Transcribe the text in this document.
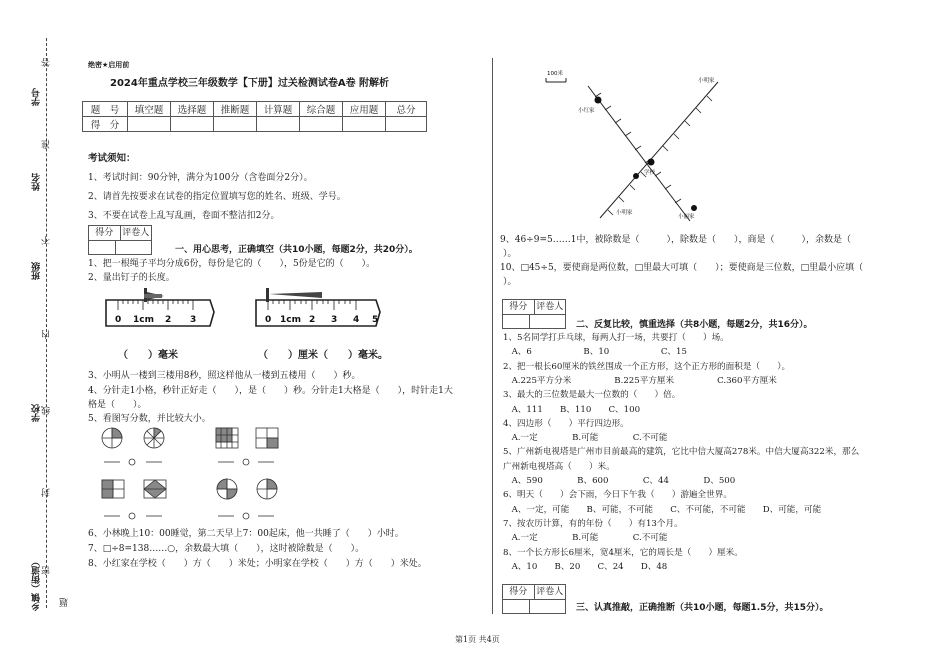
学号
姓名
班级
学校
乡镇（街道）
答
准
不
内
线
封
密
题
绝密★启用前
2024年重点学校三年级数学【下册】过关检测试卷A卷 附解析
题　号	填空题	选择题	推断题	计算题	综合题	应用题	总分
得　分							
考试须知：
1、考试时间：90分钟，满分为100分（含卷面分2分）。
2、请首先按要求在试卷的指定位置填写您的姓名、班级、学号。
3、不要在试卷上乱写乱画，卷面不整洁扣2分。
得分 评卷人
一、用心思考，正确填空（共10小题，每题2分，共20分）。
1、把一根绳子平均分成6份，每份是它的（　　），5份是它的（　　）。
2、量出钉子的长度。
0 1cm 2 3	0 1cm 2 3 4 5
（　　）毫米	（　　）厘米（　　）毫米。
3、小明从一楼到三楼用8秒，照这样他从一楼到五楼用（　　）秒。
4、分针走1小格，秒针正好走（　　），是（　　）秒。分针走1大格是（　　），时针走1大
格是（　　）。
5、看图写分数，并比较大小。
6、小林晚上10：00睡觉，第二天早上7：00起床，他一共睡了（　　）小时。
7、□÷8=138……○，余数最大填（　　），这时被除数是（　　）。
8、小红家在学校（　　）方（　　）米处；小明家在学校（　　）方（　　）米处。
100米
小明家
小红家
学校
小明家
小丽家
9、46÷9=5……1中，被除数是（　　　），除数是（　　），商是（　　　），余数是（
）。
10、□45÷5，要使商是两位数，□里最大可填（　　）；要使商是三位数，□里最小应填（
）。
得分 评卷人
二、反复比较，慎重选择（共8小题，每题2分，共16分）。
1、5名同学打乒乓球，每两人打一场，共要打（　　）场。
　A、6　　　　　　B、10　　　　　　C、15
2、把一根长60厘米的铁丝围成一个正方形，这个正方形的面积是（　　）。
　A.225平方分米　　　　　B.225平方厘米　　　　　C.360平方厘米
3、最大的三位数是最大一位数的（　　）倍。
　A、111　　B、110　　C、100
4、四边形（　　）平行四边形。
　A.一定　　　　B.可能　　　　C.不可能
5、广州新电视塔是广州市目前最高的建筑，它比中信大厦高278米。中信大厦高322米，那么
广州新电视塔高（　　）米。
　A、590　　　　B、600　　　　C、44　　　　D、500
6、明天（　　）会下雨，今日下午我（　　）游遍全世界。
　A、一定，可能　　B、可能，不可能　　C、不可能，不可能　　D、可能，可能
7、按农历计算，有的年份（　　）有13个月。
　A.一定　　　　B.可能　　　　C.不可能
8、一个长方形长6厘米，宽4厘米，它的周长是（　　）厘米。
　A、10　　B、20　　C、24　　D、48
得分 评卷人
三、认真推敲，正确推断（共10小题，每题1.5分，共15分）。
第1页 共4页
